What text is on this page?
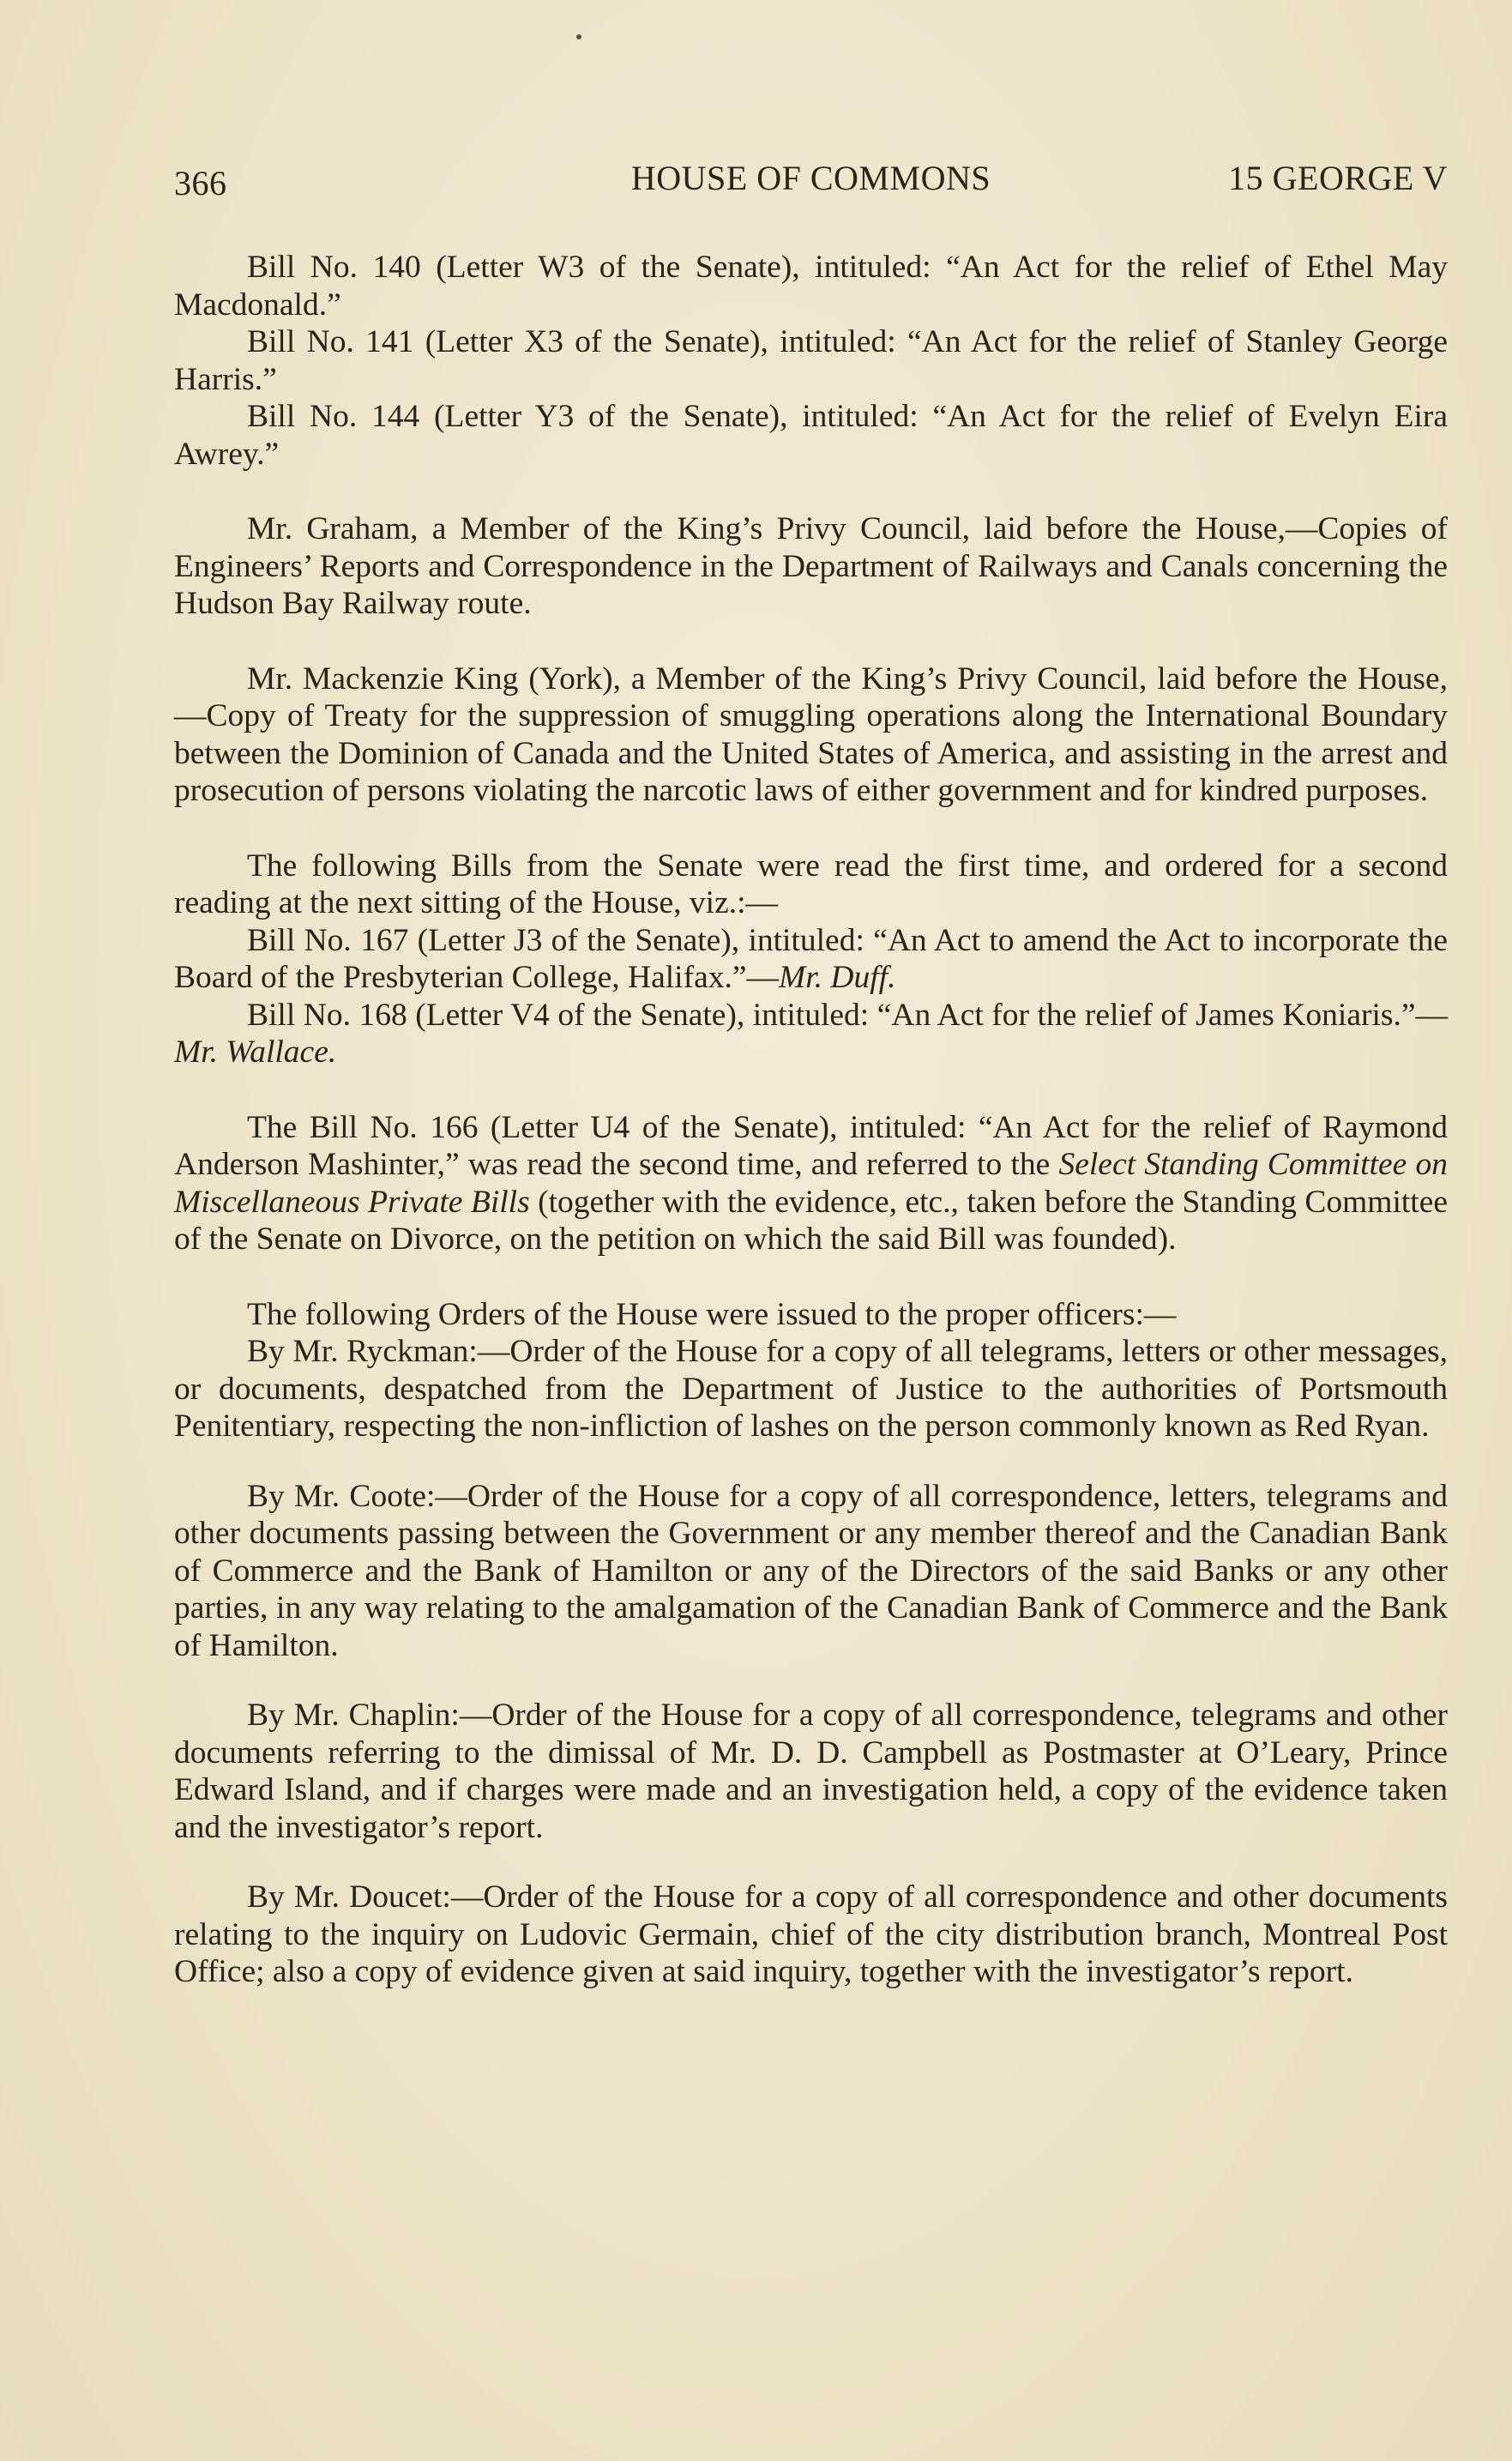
366	HOUSE OF COMMONS	15 GEORGE V

Bill No. 140 (Letter W3 of the Senate), intituled: “An Act for the relief of Ethel May Macdonald.”

Bill No. 141 (Letter X3 of the Senate), intituled: “An Act for the relief of Stanley George Harris.”

Bill No. 144 (Letter Y3 of the Senate), intituled: “An Act for the relief of Evelyn Eira Awrey.”

Mr. Graham, a Member of the King’s Privy Council, laid before the House,—Copies of Engineers’ Reports and Correspondence in the Department of Railways and Canals concerning the Hudson Bay Railway route.

Mr. Mackenzie King (York), a Member of the King’s Privy Council, laid before the House,—Copy of Treaty for the suppression of smuggling operations along the International Boundary between the Dominion of Canada and the United States of America, and assisting in the arrest and prosecution of persons violating the narcotic laws of either government and for kindred purposes.

The following Bills from the Senate were read the first time, and ordered for a second reading at the next sitting of the House, viz.:—

Bill No. 167 (Letter J3 of the Senate), intituled: “An Act to amend the Act to incorporate the Board of the Presbyterian College, Halifax.”—Mr. Duff.

Bill No. 168 (Letter V4 of the Senate), intituled: “An Act for the relief of James Koniaris.”—Mr. Wallace.

The Bill No. 166 (Letter U4 of the Senate), intituled: “An Act for the relief of Raymond Anderson Mashinter,” was read the second time, and referred to the Select Standing Committee on Miscellaneous Private Bills (together with the evidence, etc., taken before the Standing Committee of the Senate on Divorce, on the petition on which the said Bill was founded).

The following Orders of the House were issued to the proper officers:—

By Mr. Ryckman:—Order of the House for a copy of all telegrams, letters or other messages, or documents, despatched from the Department of Justice to the authorities of Portsmouth Penitentiary, respecting the non-infliction of lashes on the person commonly known as Red Ryan.

By Mr. Coote:—Order of the House for a copy of all correspondence, letters, telegrams and other documents passing between the Government or any member thereof and the Canadian Bank of Commerce and the Bank of Hamilton or any of the Directors of the said Banks or any other parties, in any way relating to the amalgamation of the Canadian Bank of Commerce and the Bank of Hamilton.

By Mr. Chaplin:—Order of the House for a copy of all correspondence, telegrams and other documents referring to the dimissal of Mr. D. D. Campbell as Postmaster at O’Leary, Prince Edward Island, and if charges were made and an investigation held, a copy of the evidence taken and the investigator’s report.

By Mr. Doucet:—Order of the House for a copy of all correspondence and other documents relating to the inquiry on Ludovic Germain, chief of the city distribution branch, Montreal Post Office; also a copy of evidence given at said inquiry, together with the investigator’s report.
